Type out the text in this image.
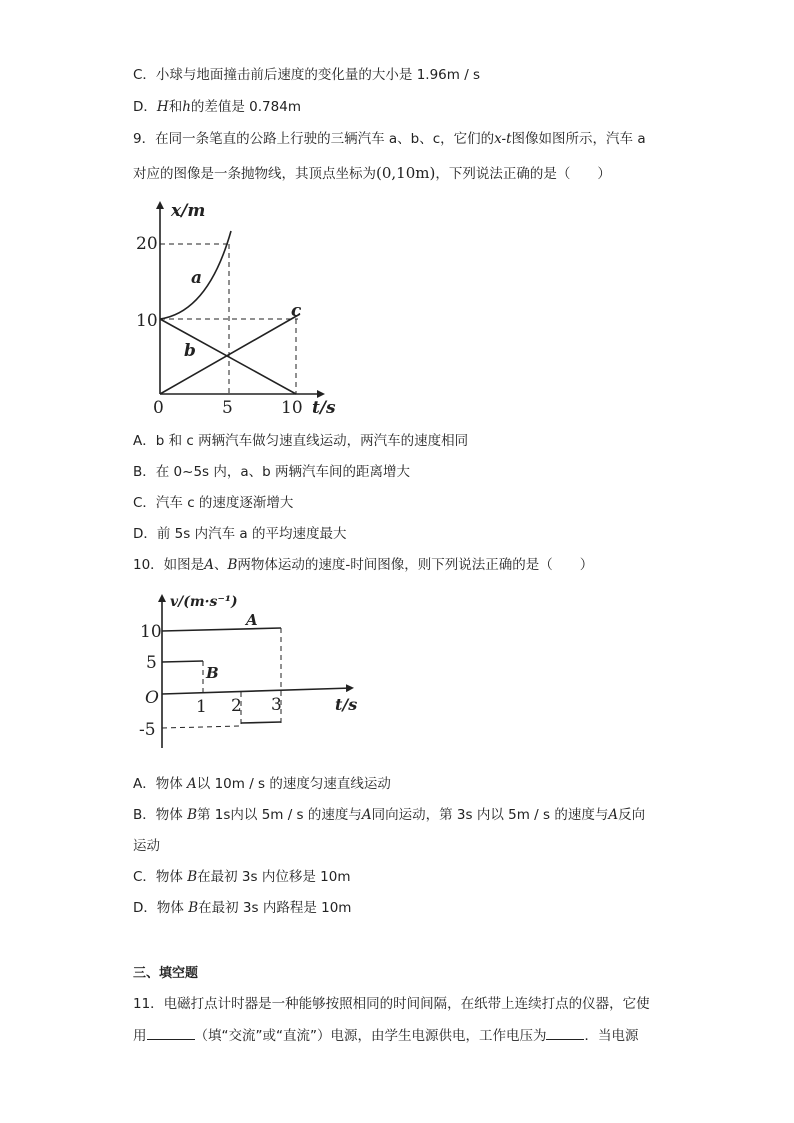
C．小球与地面撞击前后速度的变化量的大小是 1.96m / s
D．H和h的差值是 0.784m
9．在同一条笔直的公路上行驶的三辆汽车 a、b、c，它们的x-t图像如图所示，汽车 a
对应的图像是一条抛物线，其顶点坐标为(0,10m)，下列说法正确的是（　　）
x/m
t/s
20
10
0	5	10
a
b
c
A．b 和 c 两辆汽车做匀速直线运动，两汽车的速度相同
B．在 0~5s 内，a、b 两辆汽车间的距离增大
C．汽车 c 的速度逐渐增大
D．前 5s 内汽车 a 的平均速度最大
10．如图是A、B两物体运动的速度-时间图像，则下列说法正确的是（　　）
v/(m·s⁻¹)
t/s
10
5
O
-5
1 2 3
A
B
A．物体 A以 10m / s 的速度匀速直线运动
B．物体 B第 1s内以 5m / s 的速度与A同向运动，第 3s 内以 5m / s 的速度与A反向
运动
C．物体 B在最初 3s 内位移是 10m
D．物体 B在最初 3s 内路程是 10m
三、填空题
11．电磁打点计时器是一种能够按照相同的时间间隔，在纸带上连续打点的仪器，它使
用	（填“交流”或“直流”）电源，由学生电源供电，工作电压为	．当电源
